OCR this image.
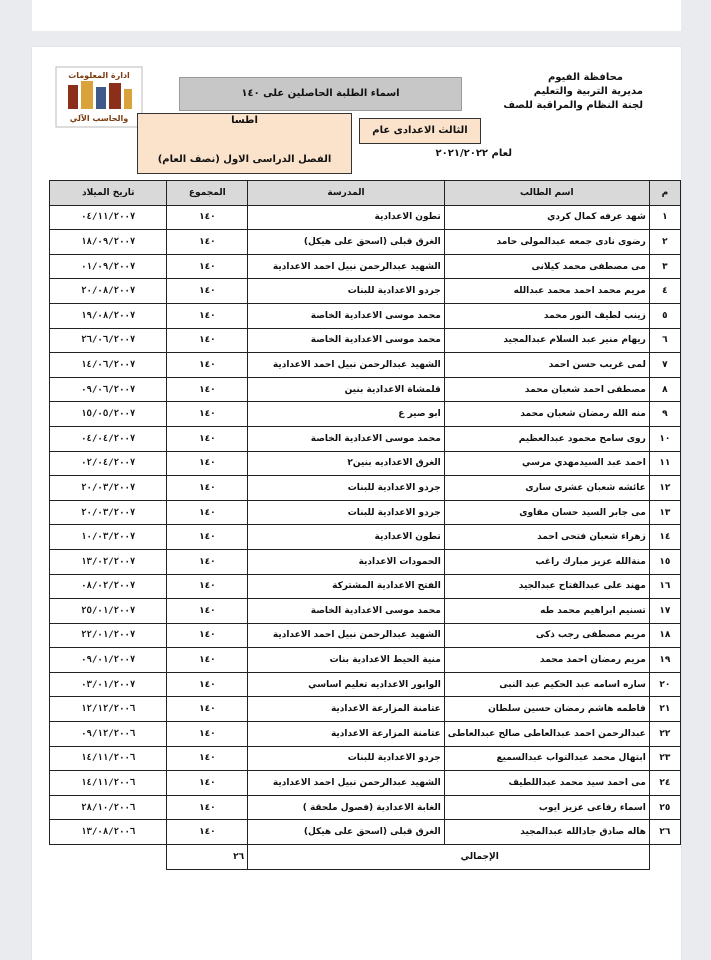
محافظة الفيوم
مديرية التربية والتعليم
لجنة النظام والمراقبة للصف
اسماء الطلبة الحاصلين على ١٤٠
ادارة المعلومات
والحاسب الآلي
الثالث الاعدادى عام
اطسا
الفصل الدراسى الاول (نصف العام)
لعام ٢٠٢١/٢٠٢٢
م	اسم الطالب	المدرسة	المجموع	تاريخ الميلاد
١	شهد عرفه كمال كردي	تطون الاعدادية	١٤٠	٠٤/١١/٢٠٠٧
٢	رضوى نادى جمعه عبدالمولى حامد	الغرق قبلى (اسحق على هيكل)	١٤٠	١٨/٠٩/٢٠٠٧
٣	مى مصطفى محمد كيلانى	الشهيد عبدالرحمن نبيل احمد الاعدادية	١٤٠	٠١/٠٩/٢٠٠٧
٤	مريم محمد احمد محمد عبدالله	جردو الاعدادية للبنات	١٤٠	٢٠/٠٨/٢٠٠٧
٥	زينب لطيف النور محمد	محمد موسى الاعدادية الخاصة	١٤٠	١٩/٠٨/٢٠٠٧
٦	ريهام منير عبد السلام عبدالمجيد	محمد موسى الاعدادية الخاصة	١٤٠	٢٦/٠٦/٢٠٠٧
٧	لمى غريب حسن احمد	الشهيد عبدالرحمن نبيل احمد الاعدادية	١٤٠	١٤/٠٦/٢٠٠٧
٨	مصطفى احمد شعبان محمد	قلمشاة الاعدادية بنين	١٤٠	٠٩/٠٦/٢٠٠٧
٩	منه الله رمضان شعبان محمد	ابو صير ع	١٤٠	١٥/٠٥/٢٠٠٧
١٠	روى سامح محمود عبدالعظيم	محمد موسى الاعدادية الخاصة	١٤٠	٠٤/٠٤/٢٠٠٧
١١	احمد عبد السيدمهدي مرسي	الغرق الاعداديه بنين٢	١٤٠	٠٢/٠٤/٢٠٠٧
١٢	عائشه شعبان عشرى سارى	جردو الاعدادية للبنات	١٤٠	٢٠/٠٣/٢٠٠٧
١٣	مى جابر السيد حسان مقاوى	جردو الاعدادية للبنات	١٤٠	٢٠/٠٣/٢٠٠٧
١٤	زهراء شعبان فتحى احمد	تطون الاعدادية	١٤٠	١٠/٠٣/٢٠٠٧
١٥	منةالله عزيز مبارك راغب	الحمودات الاعدادية	١٤٠	١٣/٠٢/٢٠٠٧
١٦	مهند على عبدالفتاح عبدالجيد	الفتح الاعدادية المشتركة	١٤٠	٠٨/٠٢/٢٠٠٧
١٧	تسنيم ابراهيم محمد طه	محمد موسى الاعدادية الخاصة	١٤٠	٢٥/٠١/٢٠٠٧
١٨	مريم مصطفى رجب ذكى	الشهيد عبدالرحمن نبيل احمد الاعدادية	١٤٠	٢٢/٠١/٢٠٠٧
١٩	مريم رمضان احمد محمد	منية الحيط الاعدادية بنات	١٤٠	٠٩/٠١/٢٠٠٧
٢٠	ساره اسامه عبد الحكيم عبد النبى	الوابور الاعداديه تعليم اساسي	١٤٠	٠٣/٠١/٢٠٠٧
٢١	فاطمه هاشم رمضان حسين سلطان	عتامنة المزارعة الاعدادية	١٤٠	١٢/١٢/٢٠٠٦
٢٢	عبدالرحمن احمد عبدالعاطى صالح عبدالعاطى	عتامنة المزارعة الاعدادية	١٤٠	٠٩/١٢/٢٠٠٦
٢٣	ابتهال محمد عبدالتواب عبدالسميع	جردو الاعدادية للبنات	١٤٠	١٤/١١/٢٠٠٦
٢٤	مى احمد سيد محمد عبداللطيف	الشهيد عبدالرحمن نبيل احمد الاعدادية	١٤٠	١٤/١١/٢٠٠٦
٢٥	اسماء رفاعى عزيز ايوب	الغابة الاعدادية (فصول ملحقة )	١٤٠	٢٨/١٠/٢٠٠٦
٢٦	هاله صادق جادالله عبدالمجيد	الغرق قبلى (اسحق على هيكل)	١٤٠	١٣/٠٨/٢٠٠٦
	الإجمالي		٢٦	
